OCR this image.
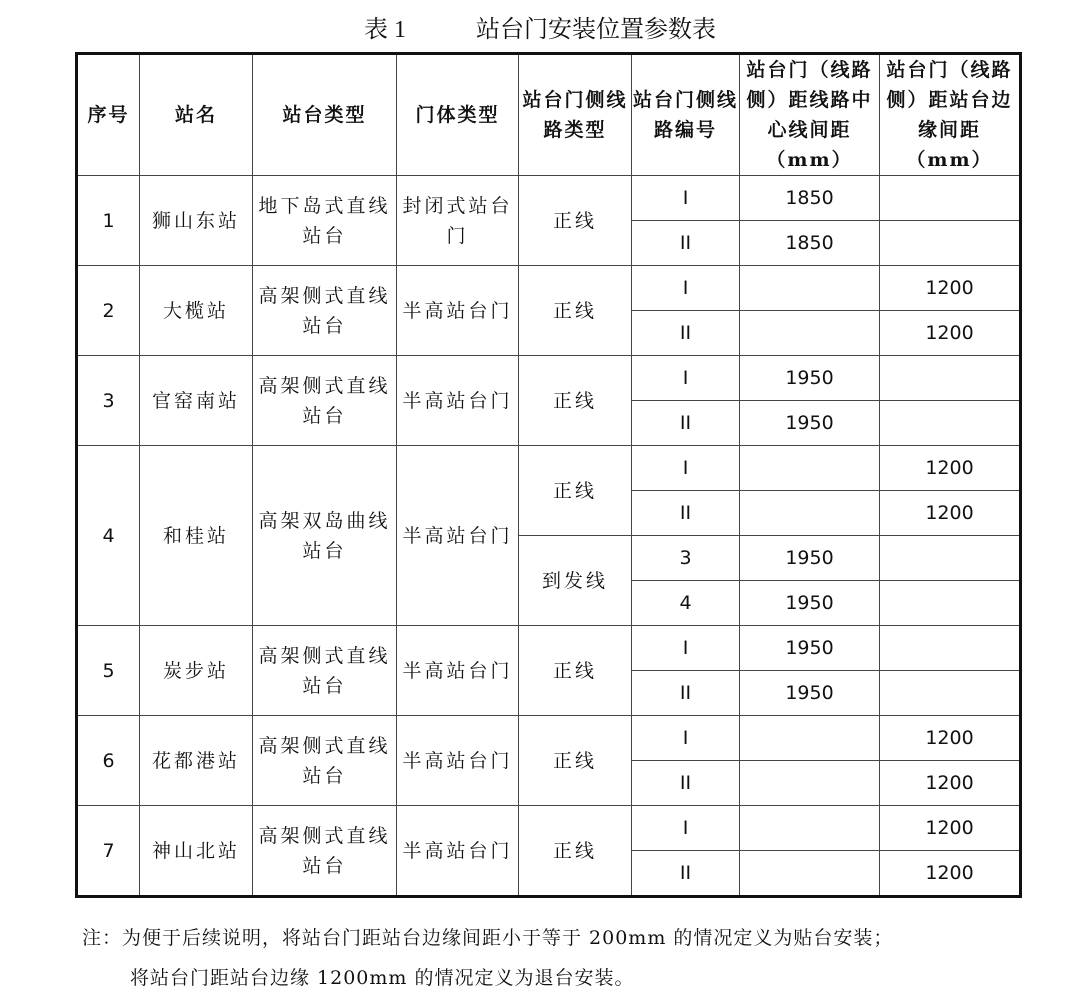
表 1	站台门安装位置参数表
序号	站名	站台类型	门体类型	站台门侧线路类型	站台门侧线路编号	站台门（线路侧）距线路中心线间距（mm）	站台门（线路侧）距站台边缘间距（mm）
1	狮山东站	地下岛式直线站台	封闭式站台门	正线	I	1850	
					II	1850	
2	大榄站	高架侧式直线站台	半高站台门	正线	I		1200
					II		1200
3	官窑南站	高架侧式直线站台	半高站台门	正线	I	1950	
					II	1950	
4	和桂站	高架双岛曲线站台	半高站台门	正线	I		1200
					II		1200
				到发线	3	1950	
					4	1950	
5	炭步站	高架侧式直线站台	半高站台门	正线	I	1950	
					II	1950	
6	花都港站	高架侧式直线站台	半高站台门	正线	I		1200
					II		1200
7	神山北站	高架侧式直线站台	半高站台门	正线	I		1200
					II		1200
注：为便于后续说明，将站台门距站台边缘间距小于等于 200mm 的情况定义为贴台安装；
将站台门距站台边缘 1200mm 的情况定义为退台安装。
